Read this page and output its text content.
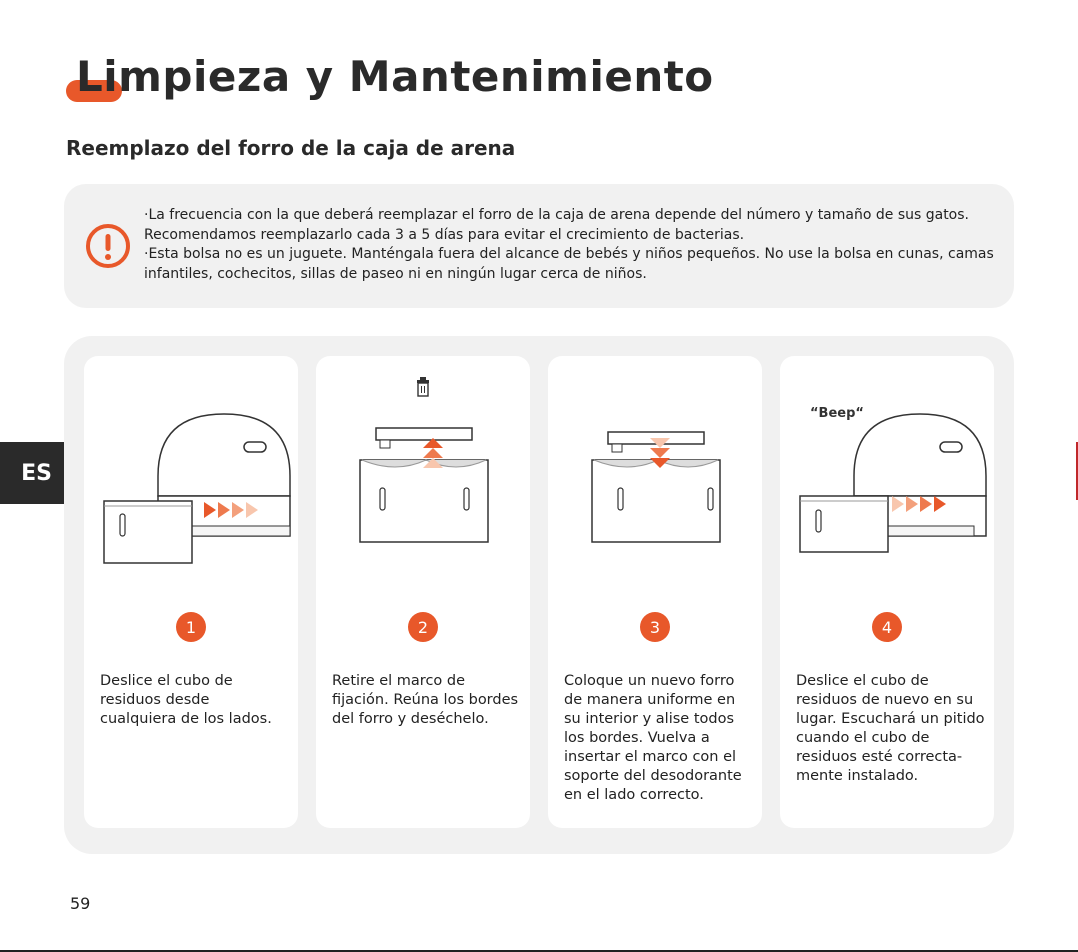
Limpieza y Mantenimiento
Reemplazo del forro de la caja de arena

·La frecuencia con la que deberá reemplazar el forro de la caja de arena depende del número y tamaño de sus gatos. Recomendamos reemplazarlo cada 3 a 5 días para evitar el crecimiento de bacterias.

·Esta bolsa no es un juguete. Manténgala fuera del alcance de bebés y niños pequeños. No use la bolsa en cunas, camas infantiles, cochecitos, sillas de paseo ni en ningún lugar cerca de niños.

ES
1
Deslice el cubo de residuos desde cualquiera de los lados.
2
Retire el marco de fijación. Reúna los bordes del forro y deséchelo.
3
Coloque un nuevo forro de manera uniforme en su interior y alise todos los bordes. Vuelva a insertar el marco con el soporte del desodorante en el lado correcto.
“Beep“
4
Deslice el cubo de residuos de nuevo en su lugar. Escuchará un pitido cuando el cubo de residuos esté correcta-mente instalado.
59
